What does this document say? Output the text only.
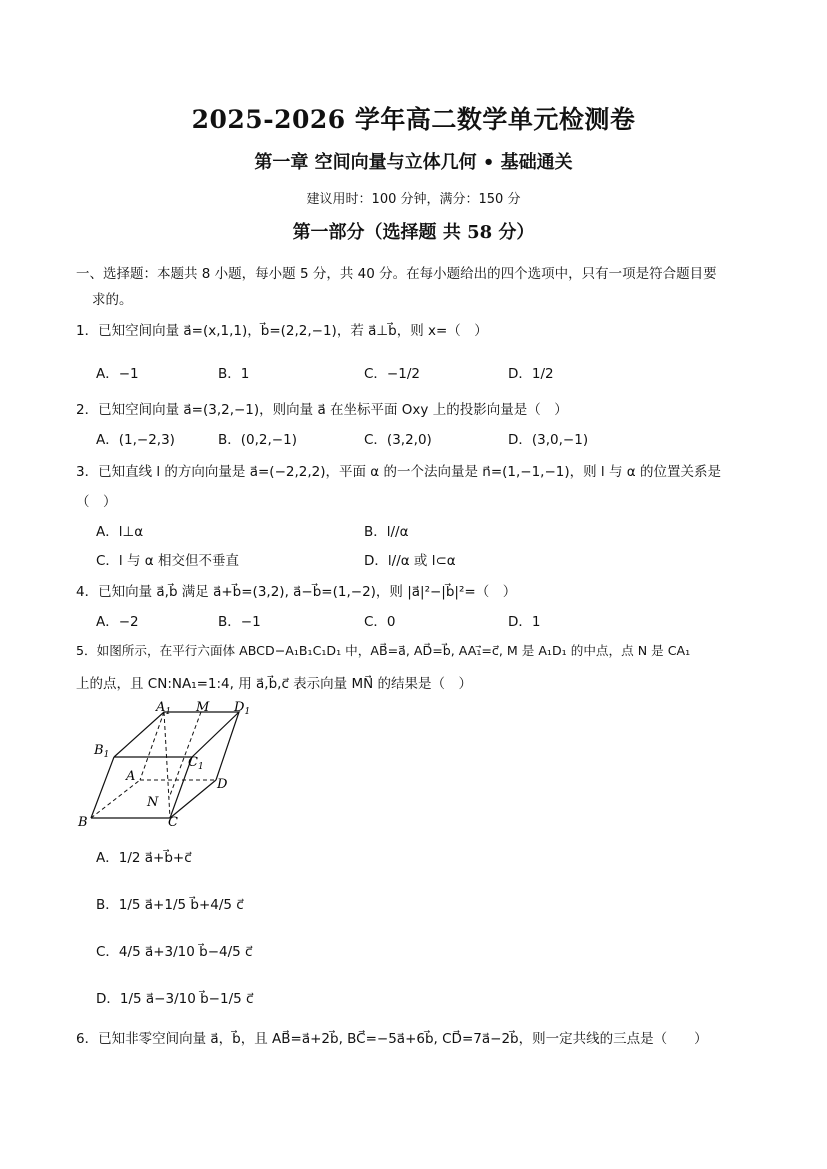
2025-2026 学年高二数学单元检测卷
第一章 空间向量与立体几何 • 基础通关
建议用时：100 分钟，满分：150 分
第一部分（选择题 共 58 分）
一、选择题：本题共 8 小题，每小题 5 分，共 40 分。在每小题给出的四个选项中，只有一项是符合题目要
求的。
1．已知空间向量 a⃗=(x,1,1)，b⃗=(2,2,−1)，若 a⃗⊥b⃗，则 x=（　）
A．−1	B．1	C．−1/2	D．1/2
2．已知空间向量 a⃗=(3,2,−1)，则向量 a⃗ 在坐标平面 Oxy 上的投影向量是（　）
A．(1,−2,3)	B．(0,2,−1)	C．(3,2,0)	D．(3,0,−1)
3．已知直线 l 的方向向量是 a⃗=(−2,2,2)，平面 α 的一个法向量是 n⃗=(1,−1,−1)，则 l 与 α 的位置关系是
（　）
A．l⊥α	B．l//α
C．l 与 α 相交但不垂直	D．l//α 或 l⊂α
4．已知向量 a⃗,b⃗ 满足 a⃗+b⃗=(3,2), a⃗−b⃗=(1,−2)，则 |a⃗|²−|b⃗|²=（　）
A．−2	B．−1	C．0	D．1
5．如图所示，在平行六面体 ABCD−A₁B₁C₁D₁ 中，AB⃗=a⃗, AD⃗=b⃗, AA₁⃗=c⃗, M 是 A₁D₁ 的中点，点 N 是 CA₁
上的点，且 CN:NA₁=1:4, 用 a⃗,b⃗,c⃗ 表示向量 MN⃗ 的结果是（　）
$A_1$ M $D_1$
$B_1$	$C_1$
A
D
N
B	C
A．1/2 a⃗+b⃗+c⃗
B．1/5 a⃗+1/5 b⃗+4/5 c⃗
C．4/5 a⃗+3/10 b⃗−4/5 c⃗
D．1/5 a⃗−3/10 b⃗−1/5 c⃗
6．已知非零空间向量 a⃗，b⃗，且 AB⃗=a⃗+2b⃗, BC⃗=−5a⃗+6b⃗, CD⃗=7a⃗−2b⃗，则一定共线的三点是（　　）
